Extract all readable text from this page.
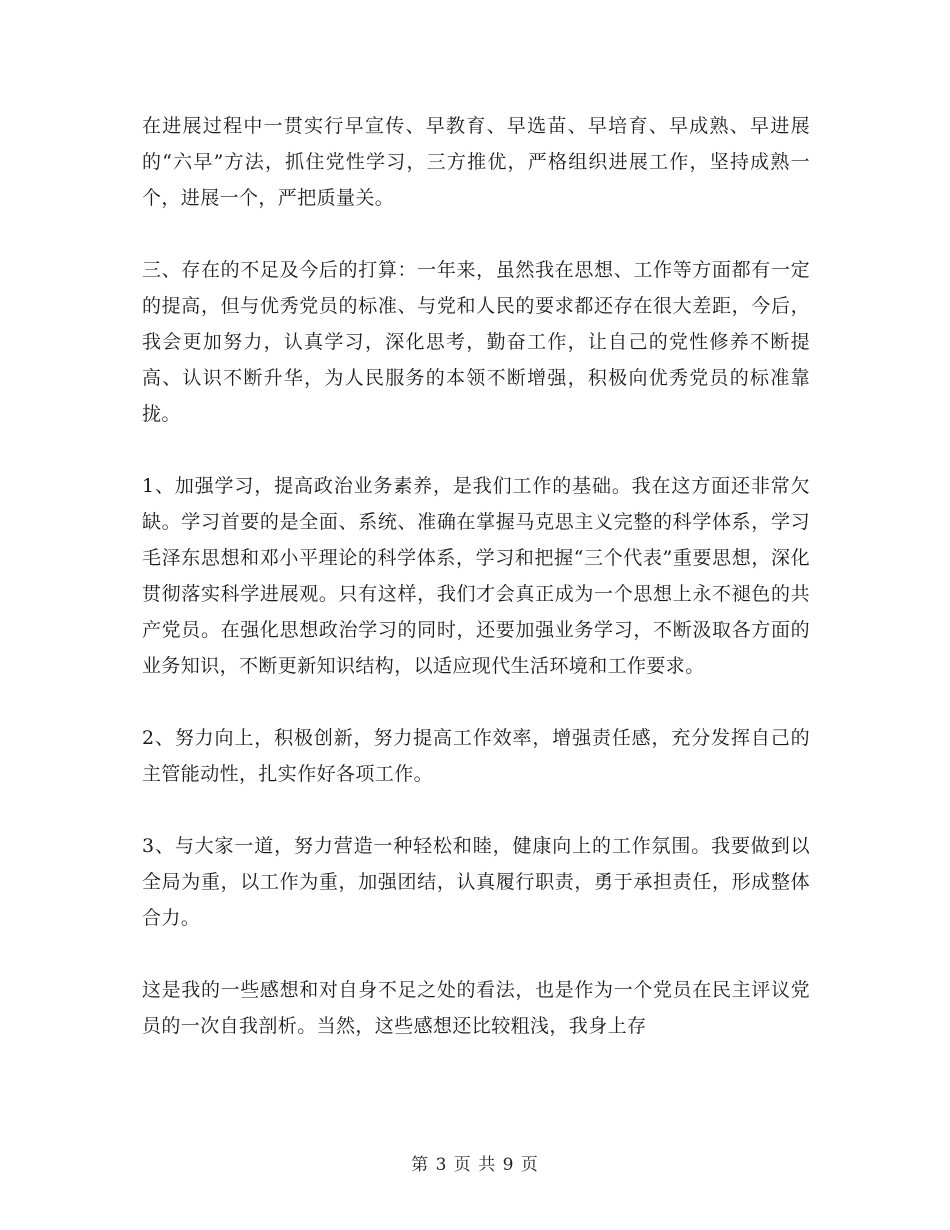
在进展过程中一贯实行早宣传、早教育、早选苗、早培育、早成熟、早进展的“六早”方法，抓住党性学习，三方推优，严格组织进展工作，坚持成熟一个，进展一个，严把质量关。

三、存在的不足及今后的打算：一年来，虽然我在思想、工作等方面都有一定的提高，但与优秀党员的标准、与党和人民的要求都还存在很大差距，今后，我会更加努力，认真学习，深化思考，勤奋工作，让自己的党性修养不断提高、认识不断升华，为人民服务的本领不断增强，积极向优秀党员的标准靠拢。

1、加强学习，提高政治业务素养，是我们工作的基础。我在这方面还非常欠缺。学习首要的是全面、系统、准确在掌握马克思主义完整的科学体系，学习毛泽东思想和邓小平理论的科学体系，学习和把握“三个代表”重要思想，深化贯彻落实科学进展观。只有这样，我们才会真正成为一个思想上永不褪色的共产党员。在强化思想政治学习的同时，还要加强业务学习，不断汲取各方面的业务知识，不断更新知识结构，以适应现代生活环境和工作要求。

2、努力向上，积极创新，努力提高工作效率，增强责任感，充分发挥自己的主管能动性，扎实作好各项工作。

3、与大家一道，努力营造一种轻松和睦，健康向上的工作氛围。我要做到以全局为重，以工作为重，加强团结，认真履行职责，勇于承担责任，形成整体合力。

这是我的一些感想和对自身不足之处的看法，也是作为一个党员在民主评议党员的一次自我剖析。当然，这些感想还比较粗浅，我身上存

第 3 页 共 9 页
